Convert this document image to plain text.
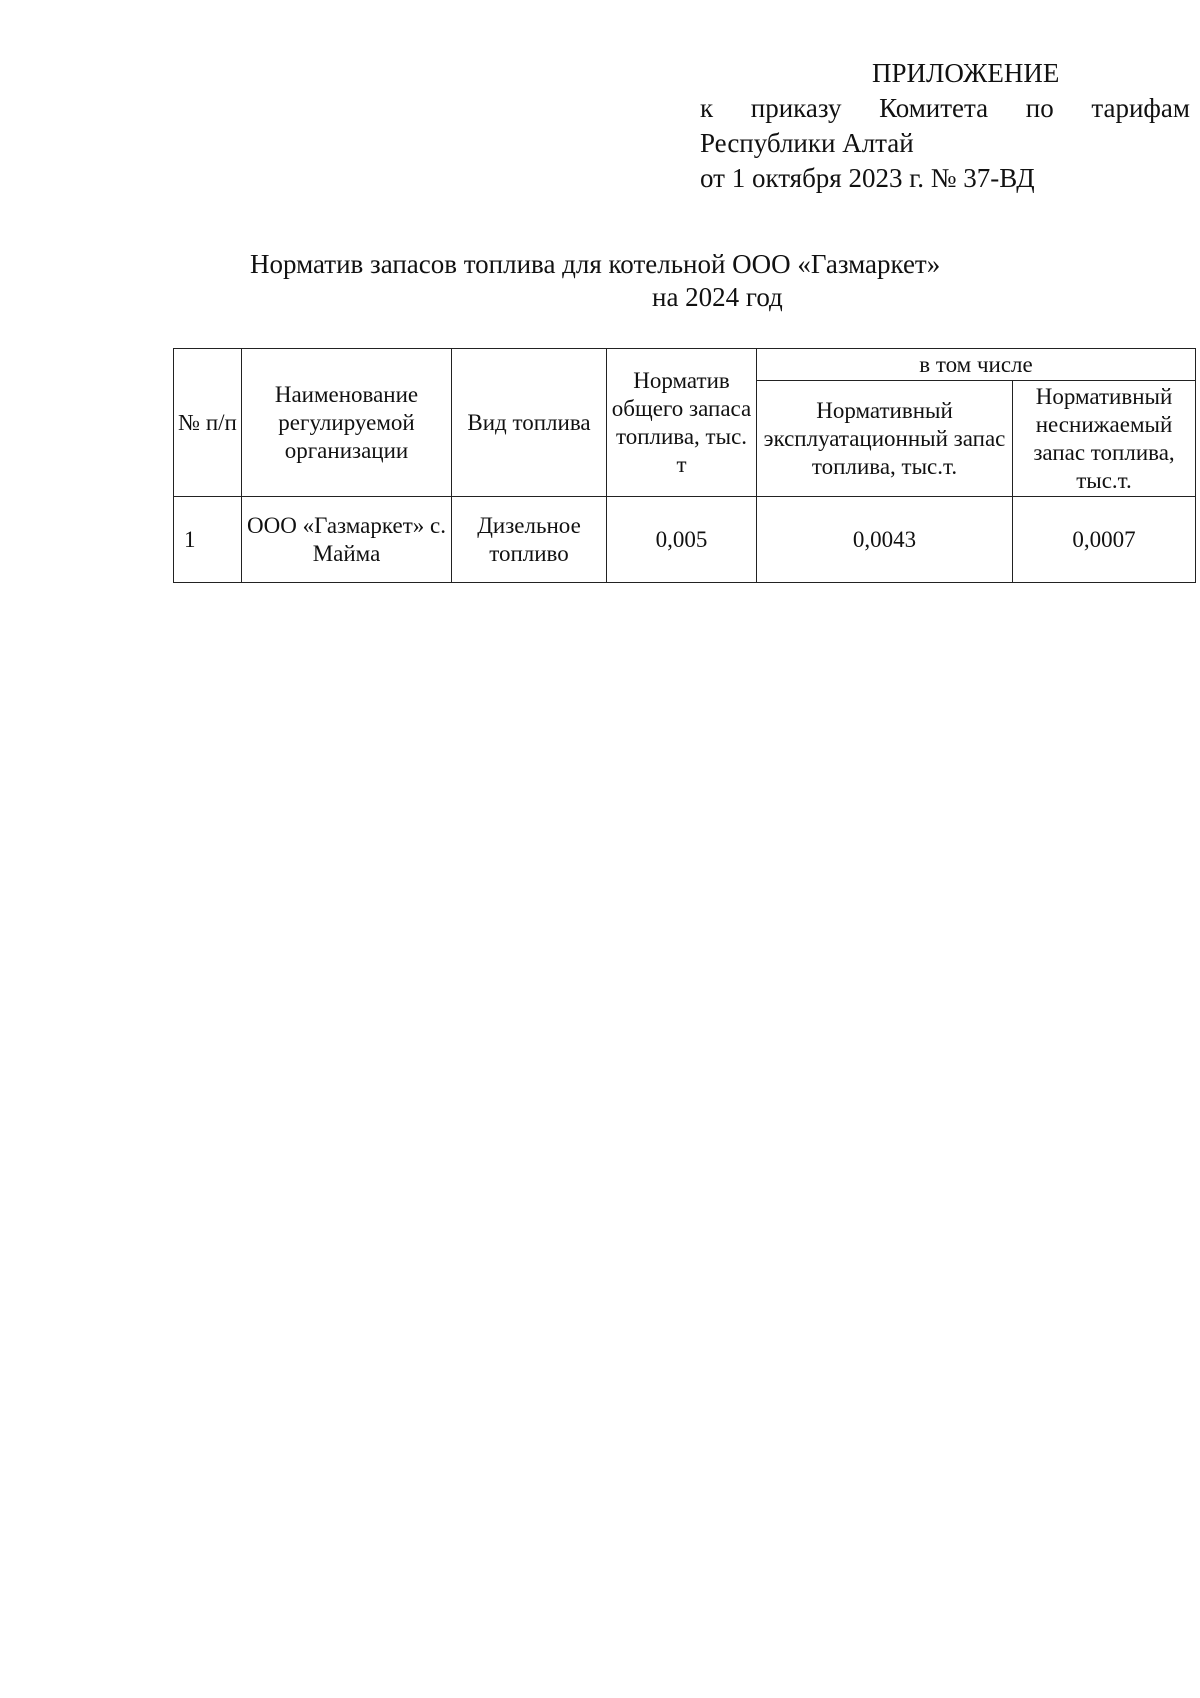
ПРИЛОЖЕНИЕ
к приказу Комитета по тарифам
Республики Алтай
от 1 октября 2023 г. № 37-ВД
Норматив запасов топлива для котельной ООО «Газмаркет»
на 2024 год
№ п/п	Наименование регулируемой организации	Вид топлива	Норматив общего запаса топлива, тыс. т	в том числе	
				Нормативный эксплуатационный запас топлива, тыс.т.	Нормативный неснижаемый запас топлива, тыс.т.
1	ООО «Газмаркет» с. Майма	Дизельное топливо	0,005	0,0043	0,0007
